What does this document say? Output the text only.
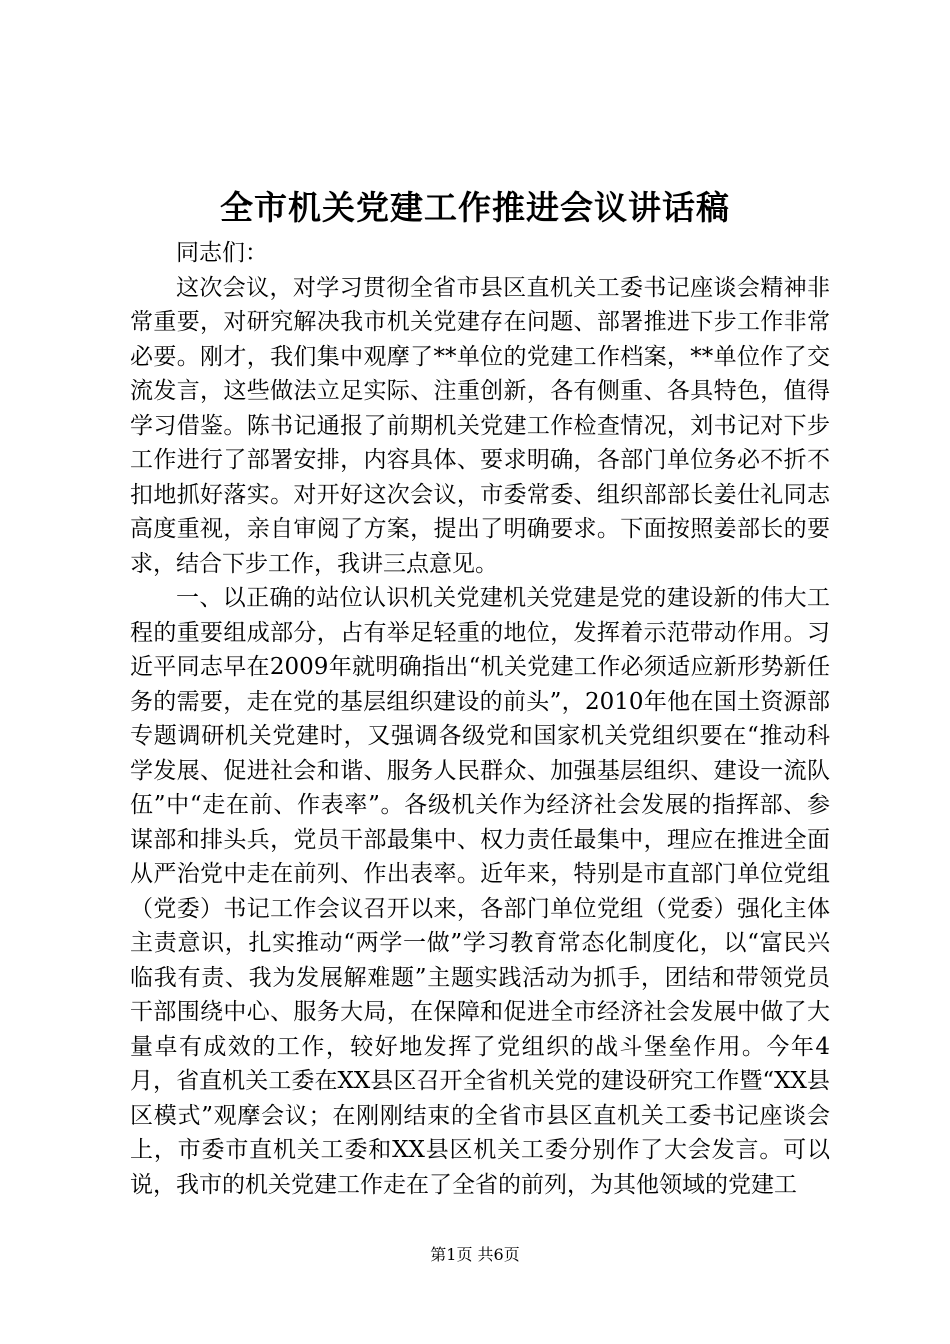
全市机关党建工作推进会议讲话稿

同志们：

这次会议，对学习贯彻全省市县区直机关工委书记座谈会精神非常重要，对研究解决我市机关党建存在问题、部署推进下步工作非常必要。刚才，我们集中观摩了**单位的党建工作档案，**单位作了交流发言，这些做法立足实际、注重创新，各有侧重、各具特色，值得学习借鉴。陈书记通报了前期机关党建工作检查情况，刘书记对下步工作进行了部署安排，内容具体、要求明确，各部门单位务必不折不扣地抓好落实。对开好这次会议，市委常委、组织部部长姜仕礼同志高度重视，亲自审阅了方案，提出了明确要求。下面按照姜部长的要求，结合下步工作，我讲三点意见。

一、以正确的站位认识机关党建机关党建是党的建设新的伟大工程的重要组成部分，占有举足轻重的地位，发挥着示范带动作用。习近平同志早在2009年就明确指出“机关党建工作必须适应新形势新任务的需要，走在党的基层组织建设的前头”，2010年他在国土资源部专题调研机关党建时，又强调各级党和国家机关党组织要在“推动科学发展、促进社会和谐、服务人民群众、加强基层组织、建设一流队伍”中“走在前、作表率”。各级机关作为经济社会发展的指挥部、参谋部和排头兵，党员干部最集中、权力责任最集中，理应在推进全面从严治党中走在前列、作出表率。近年来，特别是市直部门单位党组（党委）书记工作会议召开以来，各部门单位党组（党委）强化主体主责意识，扎实推动“两学一做”学习教育常态化制度化，以“富民兴临我有责、我为发展解难题”主题实践活动为抓手，团结和带领党员干部围绕中心、服务大局，在保障和促进全市经济社会发展中做了大量卓有成效的工作，较好地发挥了党组织的战斗堡垒作用。今年4月，省直机关工委在XX县区召开全省机关党的建设研究工作暨“XX县区模式”观摩会议；在刚刚结束的全省市县区直机关工委书记座谈会上，市委市直机关工委和XX县区机关工委分别作了大会发言。可以说，我市的机关党建工作走在了全省的前列，为其他领域的党建工

第1页 共6页
